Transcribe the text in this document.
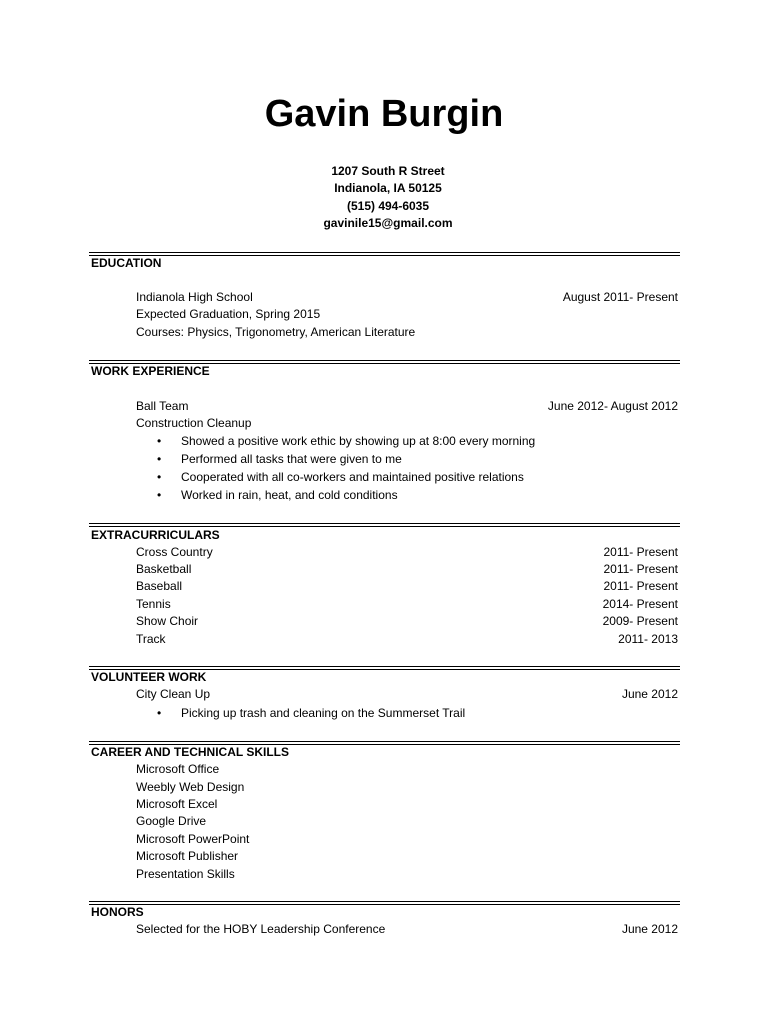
Gavin Burgin
1207 South R Street
Indianola, IA 50125
(515) 494-6035
gavinile15@gmail.com
EDUCATION
Indianola High School	August 2011- Present
Expected Graduation, Spring 2015
Courses: Physics, Trigonometry, American Literature
WORK EXPERIENCE
Ball Team	June 2012- August 2012
Construction Cleanup
• Showed a positive work ethic by showing up at 8:00 every morning
• Performed all tasks that were given to me
• Cooperated with all co-workers and maintained positive relations
• Worked in rain, heat, and cold conditions
EXTRACURRICULARS
Cross Country	2011- Present
Basketball	2011- Present
Baseball	2011- Present
Tennis	2014- Present
Show Choir	2009- Present
Track	2011- 2013
VOLUNTEER WORK
City Clean Up	June 2012
• Picking up trash and cleaning on the Summerset Trail
CAREER AND TECHNICAL SKILLS
Microsoft Office
Weebly Web Design
Microsoft Excel
Google Drive
Microsoft PowerPoint
Microsoft Publisher
Presentation Skills
HONORS
Selected for the HOBY Leadership Conference	June 2012
